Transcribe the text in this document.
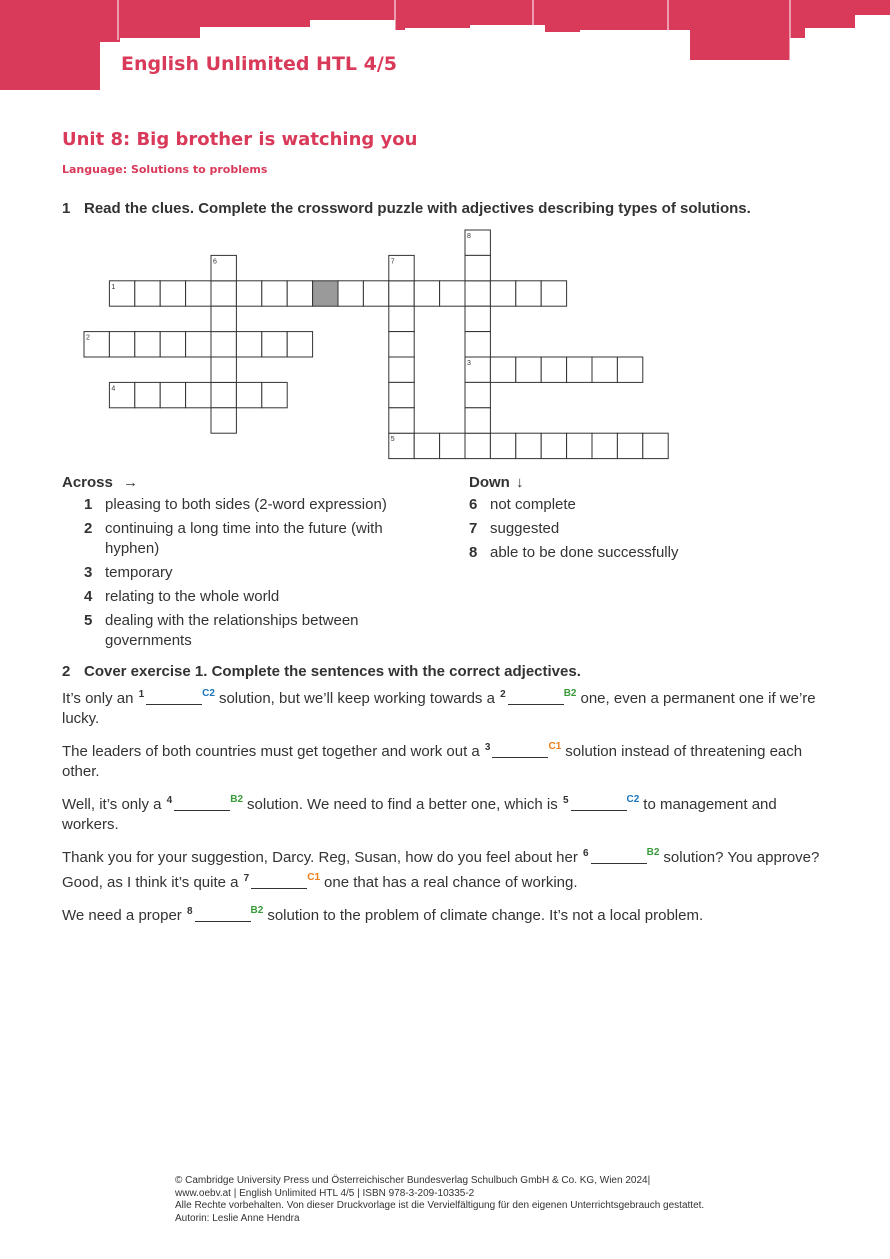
English Unlimited HTL 4/5
Unit 8: Big brother is watching you
Language: Solutions to problems
1 Read the clues. Complete the crossword puzzle with adjectives describing types of solutions.
1
2
3
4
5
6	7
8
Across →
1 pleasing to both sides (2-word expression)
2 continuing a long time into the future (with hyphen)
3 temporary
4 relating to the whole world
5 dealing with the relationships between governments
Down ↓
6 not complete
7 suggested
8 able to be done successfully
2 Cover exercise 1. Complete the sentences with the correct adjectives.

It’s only an $^1$	$^{C2}$ solution, but we’ll keep working towards a $^2$	$^{B2}$ one, even a permanent one if we’re lucky.

The leaders of both countries must get together and work out a $^3$	$^{C1}$ solution instead of threatening each other.

Well, it’s only a $^4$	$^{B2}$ solution. We need to find a better one, which is $^5$	$^{C2}$ to management and workers.

Thank you for your suggestion, Darcy. Reg, Susan, how do you feel about her $^6$	$^{B2}$ solution? You approve? Good, as I think it’s quite a $^7$	$^{C1}$ one that has a real chance of working.

We need a proper $^8$	$^{B2}$ solution to the problem of climate change. It’s not a local problem.

© Cambridge University Press und Österreichischer Bundesverlag Schulbuch GmbH & Co. KG, Wien 2024|
www.oebv.at | English Unlimited HTL 4/5 | ISBN 978-3-209-10335-2
Alle Rechte vorbehalten. Von dieser Druckvorlage ist die Vervielfältigung für den eigenen Unterrichtsgebrauch gestattet.
Autorin: Leslie Anne Hendra
